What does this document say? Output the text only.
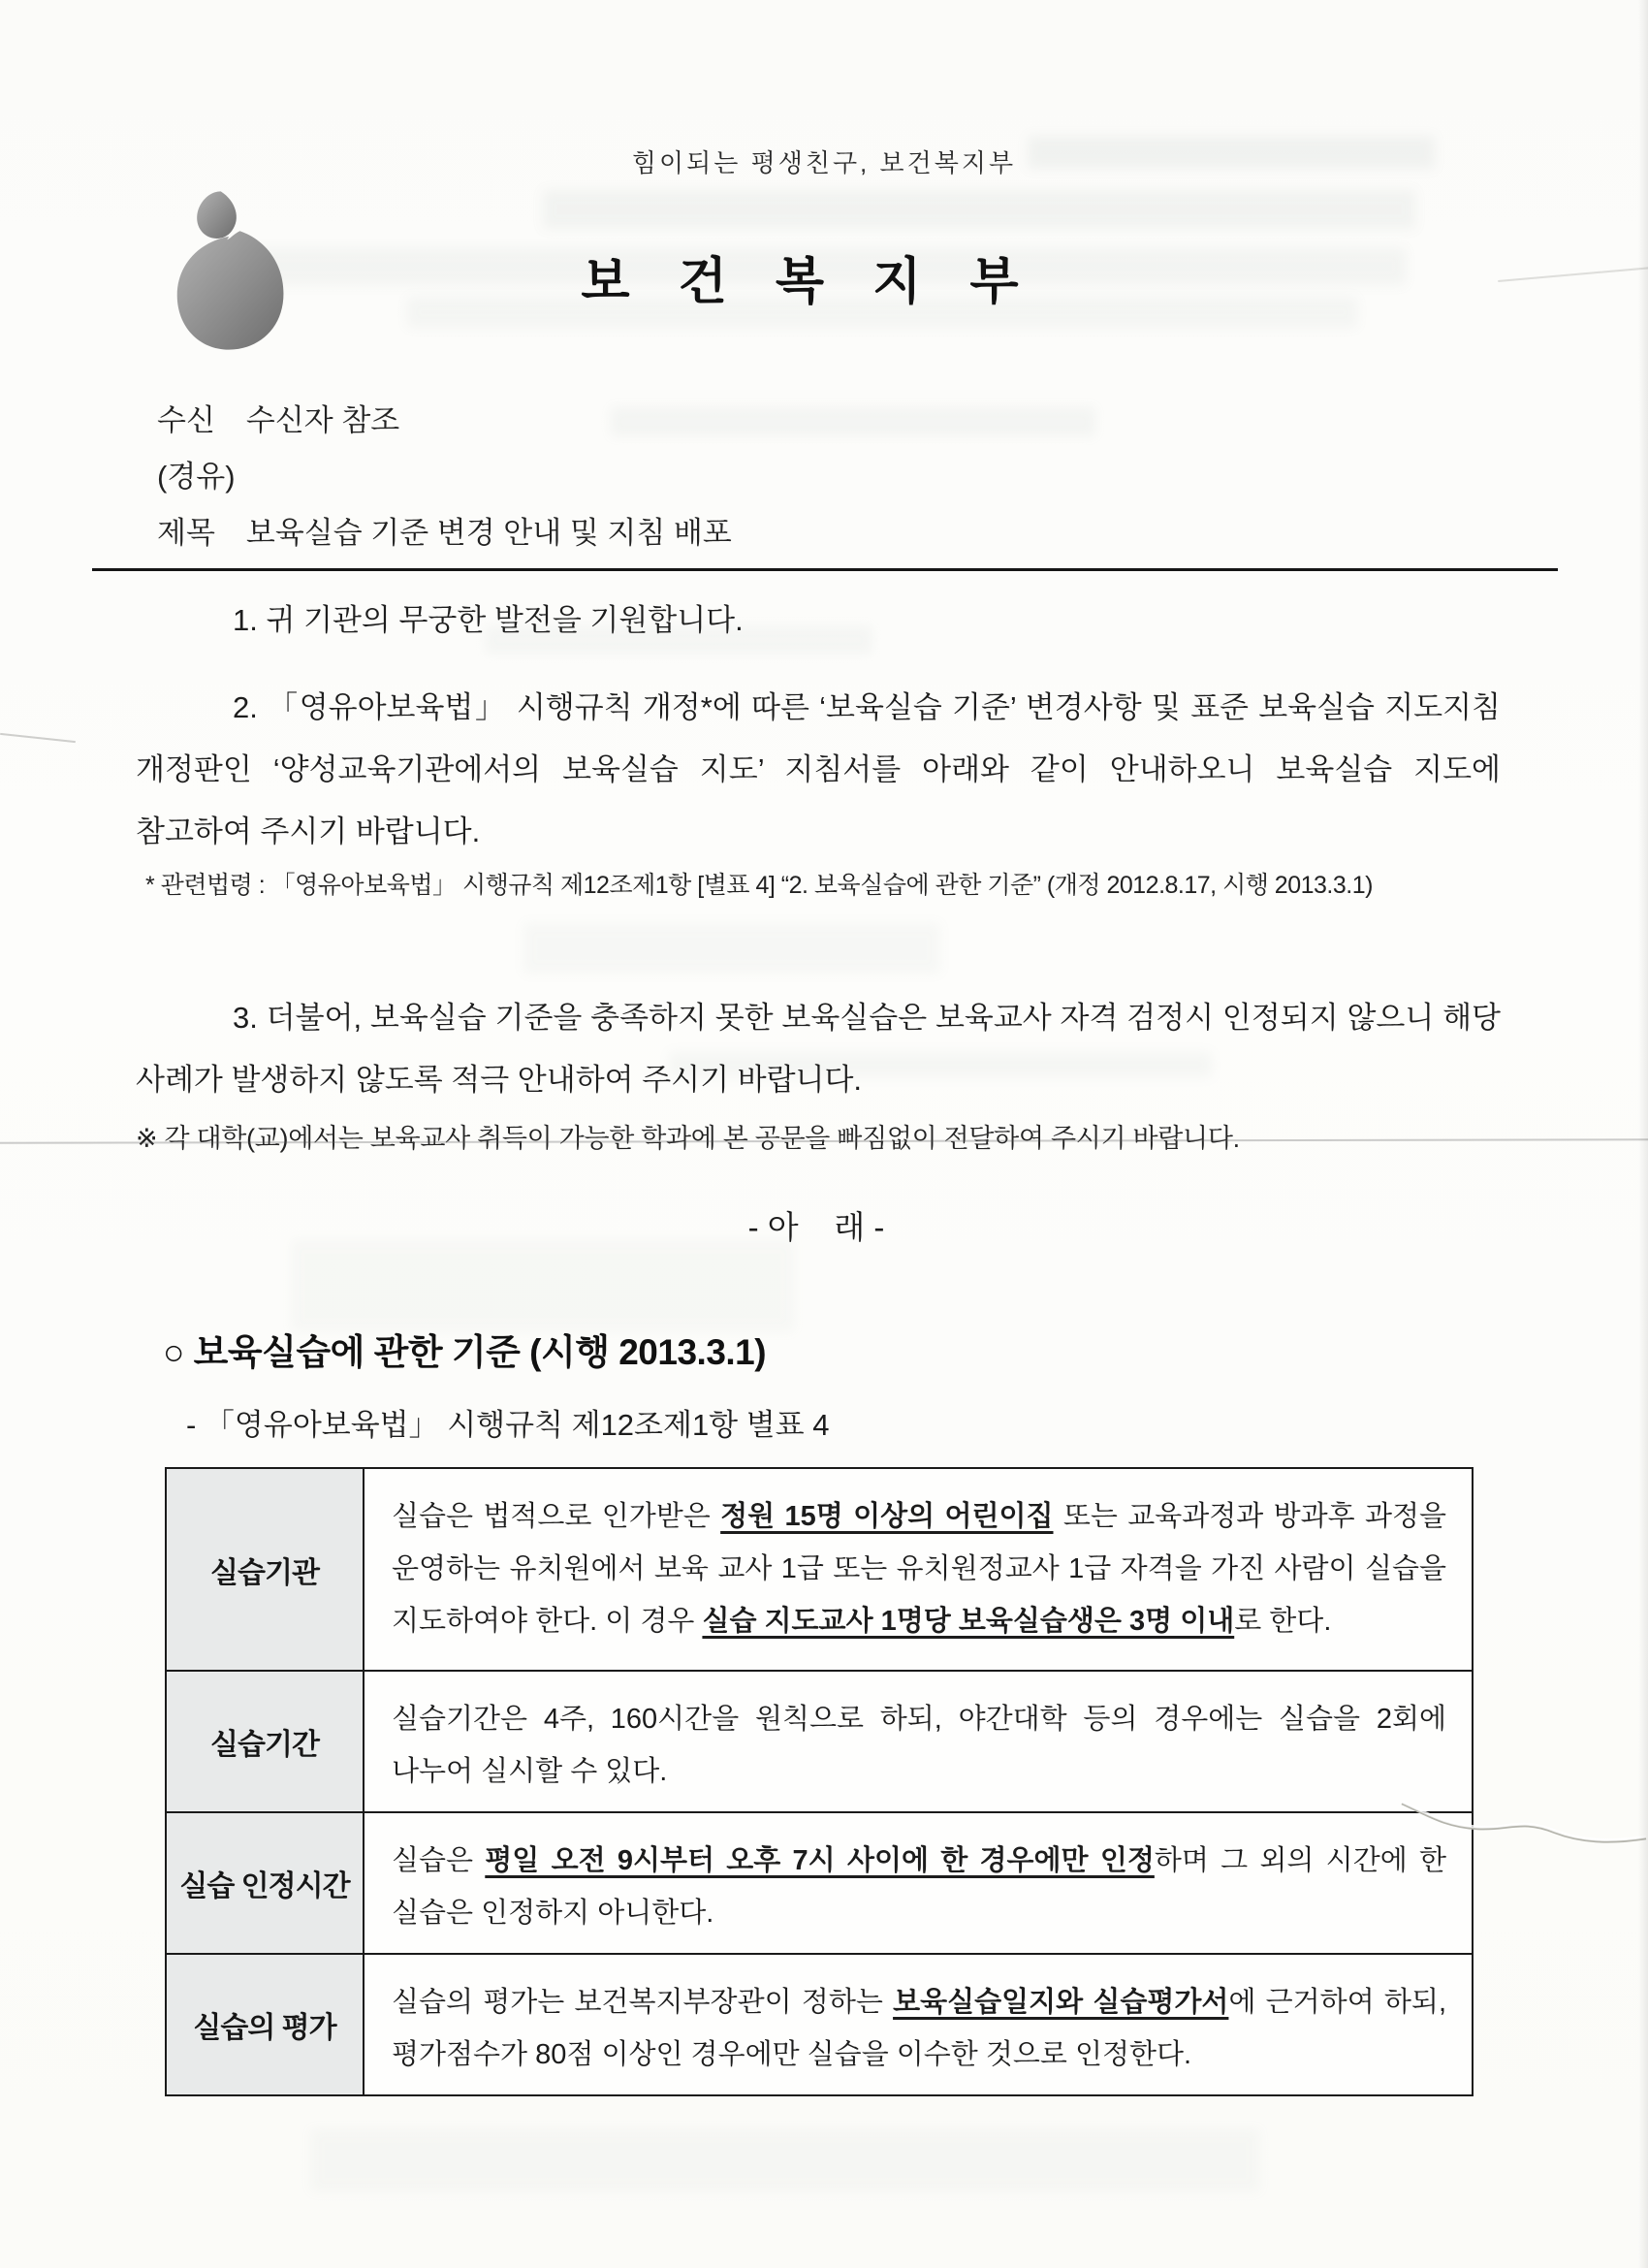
힘이되는 평생친구, 보건복지부
보건복지부
수신 수신자 참조
(경유)
제목 보육실습 기준 변경 안내 및 지침 배포
1. 귀 기관의 무궁한 발전을 기원합니다.
2. 「영유아보육법」 시행규칙 개정*에 따른 ‘보육실습 기준’ 변경사항 및 표준 보육실습 지도지침 개정판인 ‘양성교육기관에서의 보육실습 지도’ 지침서를 아래와 같이 안내하오니 보육실습 지도에 참고하여 주시기 바랍니다.
* 관련법령 : 「영유아보육법」 시행규칙 제12조제1항 [별표 4] “2. 보육실습에 관한 기준” (개정 2012.8.17, 시행 2013.3.1)
3. 더불어, 보육실습 기준을 충족하지 못한 보육실습은 보육교사 자격 검정시 인정되지 않으니 해당 사례가 발생하지 않도록 적극 안내하여 주시기 바랍니다.
※ 각 대학(교)에서는 보육교사 취득이 가능한 학과에 본 공문을 빠짐없이 전달하여 주시기 바랍니다.
- 아    래 -
○ 보육실습에 관한 기준 (시행 2013.3.1)
- 「영유아보육법」 시행규칙 제12조제1항 별표 4
실습기관
실습은 법적으로 인가받은 정원 15명 이상의 어린이집 또는 교육과정과 방과후 과정을 운영하는 유치원에서 보육 교사 1급 또는 유치원정교사 1급 자격을 가진 사람이 실습을 지도하여야 한다. 이 경우 실습 지도교사 1명당 보육실습생은 3명 이내로 한다.
실습기간
실습기간은 4주, 160시간을 원칙으로 하되, 야간대학 등의 경우에는 실습을 2회에 나누어 실시할 수 있다.
실습 인정시간
실습은 평일 오전 9시부터 오후 7시 사이에 한 경우에만 인정하며 그 외의 시간에 한 실습은 인정하지 아니한다.
실습의 평가
실습의 평가는 보건복지부장관이 정하는 보육실습일지와 실습평가서에 근거하여 하되, 평가점수가 80점 이상인 경우에만 실습을 이수한 것으로 인정한다.
